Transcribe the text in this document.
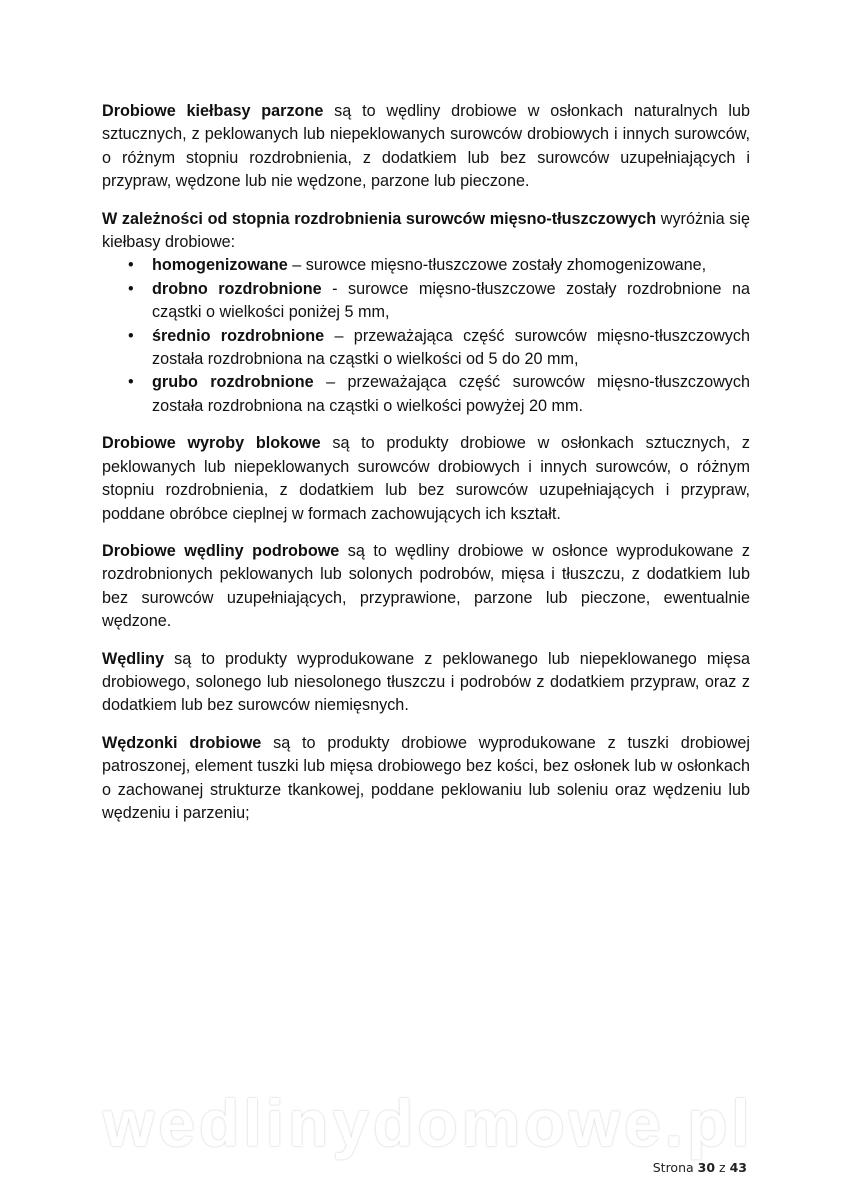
Drobiowe kiełbasy parzone są to wędliny drobiowe w osłonkach naturalnych lub sztucznych, z peklowanych lub niepeklowanych surowców drobiowych i innych surowców, o różnym stopniu rozdrobnienia, z dodatkiem lub bez surowców uzupełniających i przypraw, wędzone lub nie wędzone, parzone lub pieczone.

W zależności od stopnia rozdrobnienia surowców mięsno-tłuszczowych wyróżnia się kiełbasy drobiowe:

• homogenizowane – surowce mięsno-tłuszczowe zostały zhomogenizowane,
• drobno rozdrobnione - surowce mięsno-tłuszczowe zostały rozdrobnione na cząstki o wielkości poniżej 5 mm,
• średnio rozdrobnione – przeważająca część surowców mięsno-tłuszczowych została rozdrobniona na cząstki o wielkości od 5 do 20 mm,
• grubo rozdrobnione – przeważająca część surowców mięsno-tłuszczowych została rozdrobniona na cząstki o wielkości powyżej 20 mm.

Drobiowe wyroby blokowe są to produkty drobiowe w osłonkach sztucznych, z peklowanych lub niepeklowanych surowców drobiowych i innych surowców, o różnym stopniu rozdrobnienia, z dodatkiem lub bez surowców uzupełniających i przypraw, poddane obróbce cieplnej w formach zachowujących ich kształt.

Drobiowe wędliny podrobowe są to wędliny drobiowe w osłonce wyprodukowane z rozdrobnionych peklowanych lub solonych podrobów, mięsa i tłuszczu, z dodatkiem lub bez surowców uzupełniających, przyprawione, parzone lub pieczone, ewentualnie wędzone.

Wędliny są to produkty wyprodukowane z peklowanego lub niepeklowanego mięsa drobiowego, solonego lub niesolonego tłuszczu i podrobów z dodatkiem przypraw, oraz z dodatkiem lub bez surowców niemięsnych.

Wędzonki drobiowe są to produkty drobiowe wyprodukowane z tuszki drobiowej patroszonej, element tuszki lub mięsa drobiowego bez kości, bez osłonek lub w osłonkach o zachowanej strukturze tkankowej, poddane peklowaniu lub soleniu oraz wędzeniu lub wędzeniu i parzeniu;

wedlinydomowe.pl
Strona 30 z 43
